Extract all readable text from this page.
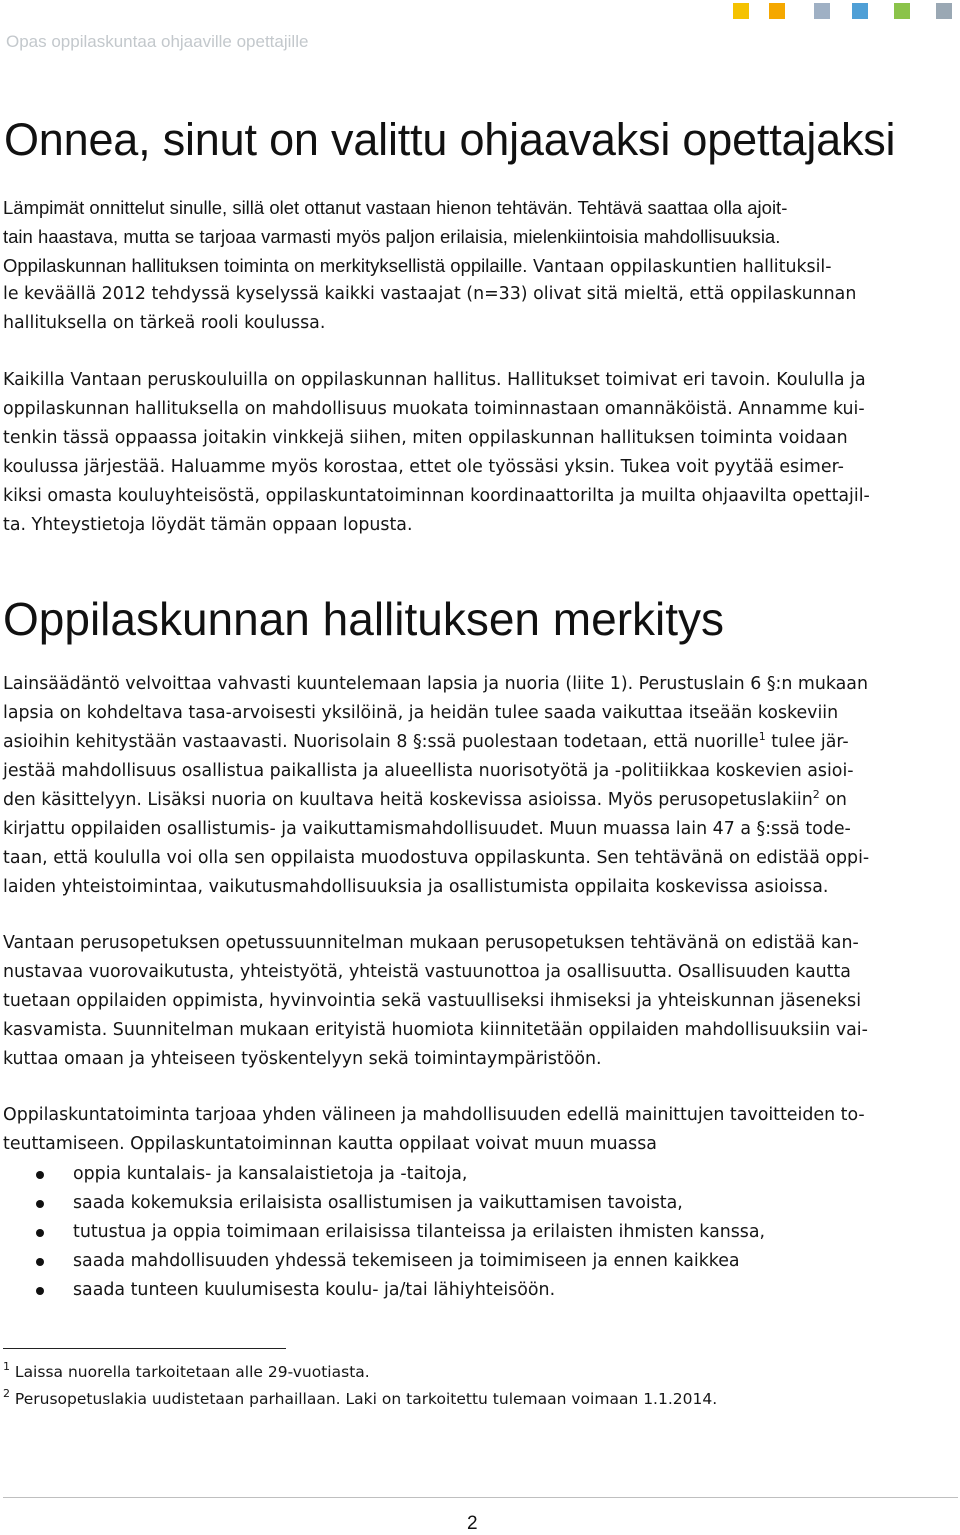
Opas oppilaskuntaa ohjaaville opettajille
Onnea, sinut on valittu ohjaavaksi opettajaksi
Lämpimät onnittelut sinulle, sillä olet ottanut vastaan hienon tehtävän. Tehtävä saattaa olla ajoit-
tain haastava, mutta se tarjoaa varmasti myös paljon erilaisia, mielenkiintoisia mahdollisuuksia.
Oppilaskunnan hallituksen toiminta on merkityksellistä oppilaille. Vantaan oppilaskuntien hallituksil-
le keväällä 2012 tehdyssä kyselyssä kaikki vastaajat (n=33) olivat sitä mieltä, että oppilaskunnan
hallituksella on tärkeä rooli koulussa.
Kaikilla Vantaan peruskouluilla on oppilaskunnan hallitus. Hallitukset toimivat eri tavoin. Koululla ja
oppilaskunnan hallituksella on mahdollisuus muokata toiminnastaan omannäköistä. Annamme kui-
tenkin tässä oppaassa joitakin vinkkejä siihen, miten oppilaskunnan hallituksen toiminta voidaan
koulussa järjestää. Haluamme myös korostaa, ettet ole työssäsi yksin. Tukea voit pyytää esimer-
kiksi omasta kouluyhteisöstä, oppilaskuntatoiminnan koordinaattorilta ja muilta ohjaavilta opettajil-
ta. Yhteystietoja löydät tämän oppaan lopusta.
Oppilaskunnan hallituksen merkitys
Lainsäädäntö velvoittaa vahvasti kuuntelemaan lapsia ja nuoria (liite 1). Perustuslain 6 §:n mukaan
lapsia on kohdeltava tasa-arvoisesti yksilöinä, ja heidän tulee saada vaikuttaa itseään koskeviin
asioihin kehitystään vastaavasti. Nuorisolain 8 §:ssä puolestaan todetaan, että nuorille$^1$ tulee jär-
jestää mahdollisuus osallistua paikallista ja alueellista nuorisotyötä ja -politiikkaa koskevien asioi-
den käsittelyyn. Lisäksi nuoria on kuultava heitä koskevissa asioissa. Myös perusopetuslakiin$^2$ on
kirjattu oppilaiden osallistumis- ja vaikuttamismahdollisuudet. Muun muassa lain 47 a §:ssä tode-
taan, että koululla voi olla sen oppilaista muodostuva oppilaskunta. Sen tehtävänä on edistää oppi-
laiden yhteistoimintaa, vaikutusmahdollisuuksia ja osallistumista oppilaita koskevissa asioissa.
Vantaan perusopetuksen opetussuunnitelman mukaan perusopetuksen tehtävänä on edistää kan-
nustavaa vuorovaikutusta, yhteistyötä, yhteistä vastuunottoa ja osallisuutta. Osallisuuden kautta
tuetaan oppilaiden oppimista, hyvinvointia sekä vastuulliseksi ihmiseksi ja yhteiskunnan jäseneksi
kasvamista. Suunnitelman mukaan erityistä huomiota kiinnitetään oppilaiden mahdollisuuksiin vai-
kuttaa omaan ja yhteiseen työskentelyyn sekä toimintaympäristöön.
Oppilaskuntatoiminta tarjoaa yhden välineen ja mahdollisuuden edellä mainittujen tavoitteiden to-
teuttamiseen. Oppilaskuntatoiminnan kautta oppilaat voivat muun muassa
oppia kuntalais- ja kansalaistietoja ja -taitoja,
saada kokemuksia erilaisista osallistumisen ja vaikuttamisen tavoista,
tutustua ja oppia toimimaan erilaisissa tilanteissa ja erilaisten ihmisten kanssa,
saada mahdollisuuden yhdessä tekemiseen ja toimimiseen ja ennen kaikkea
saada tunteen kuulumisesta koulu- ja/tai lähiyhteisöön.
$^1$ Laissa nuorella tarkoitetaan alle 29-vuotiasta.
$^2$ Perusopetuslakia uudistetaan parhaillaan. Laki on tarkoitettu tulemaan voimaan 1.1.2014.
2
